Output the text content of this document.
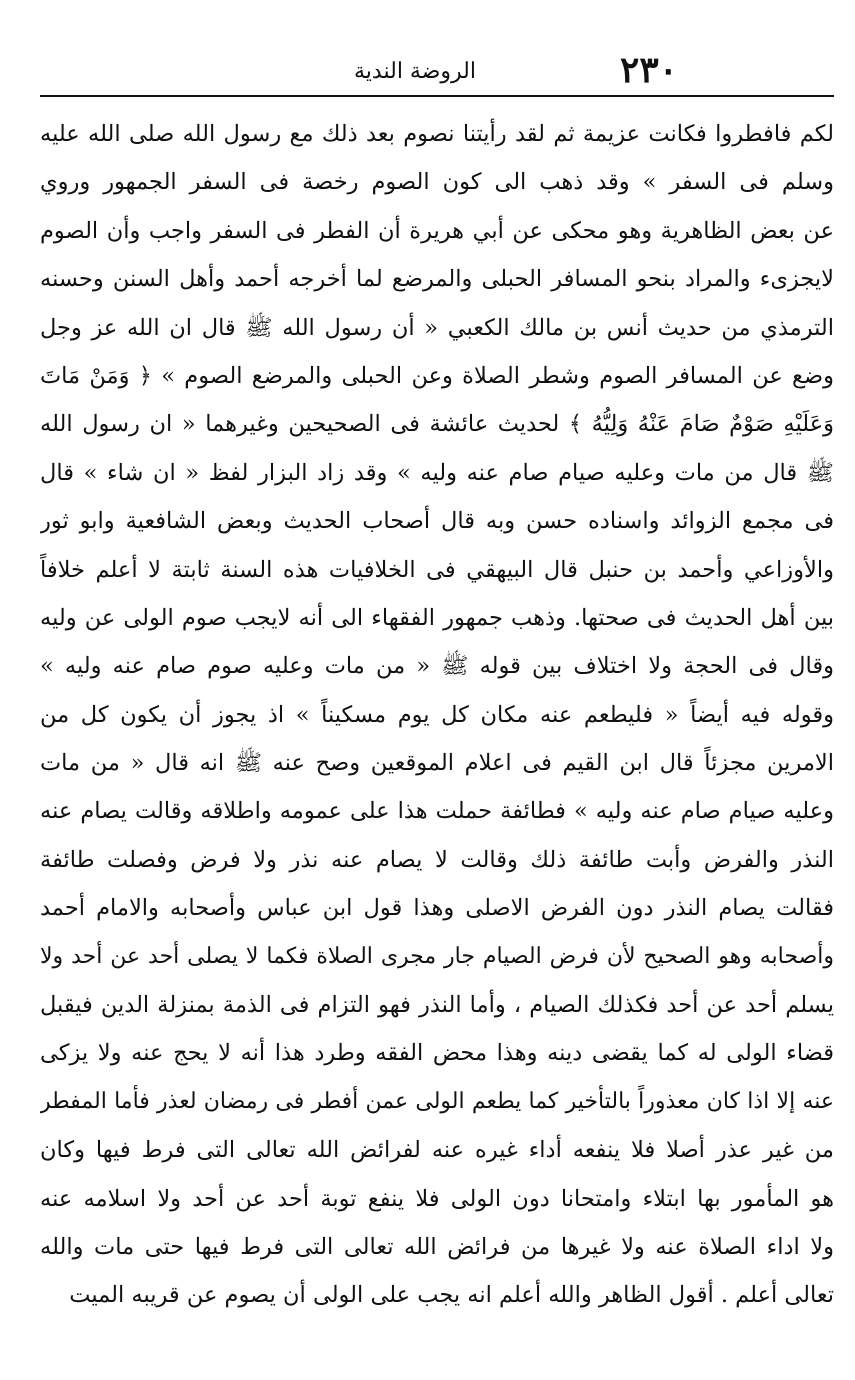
٢٣٠
الروضة الندية
لكم فافطروا فكانت عزيمة ثم لقد رأيتنا نصوم بعد ذلك مع رسول الله صلى الله عليه
وسلم فى السفر » وقد ذهب الى كون الصوم رخصة فى السفر الجمهور وروي
عن بعض الظاهرية وهو محكى عن أبي هريرة أن الفطر فى السفر واجب وأن الصوم
لايجزىء والمراد بنحو المسافر الحبلى والمرضع لما أخرجه أحمد وأهل السنن وحسنه
الترمذي من حديث أنس بن مالك الكعبي « أن رسول الله ﷺ قال ان الله عز وجل
وضع عن المسافر الصوم وشطر الصلاة وعن الحبلى والمرضع الصوم » ﴿ وَمَنْ مَاتَ
وَعَلَيْهِ صَوْمٌ صَامَ عَنْهُ وَلِيُّهُ ﴾ لحديث عائشة فى الصحيحين وغيرهما « ان رسول الله
ﷺ قال من مات وعليه صيام صام عنه وليه » وقد زاد البزار لفظ « ان شاء » قال
فى مجمع الزوائد واسناده حسن وبه قال أصحاب الحديث وبعض الشافعية وابو ثور
والأوزاعي وأحمد بن حنبل قال البيهقي فى الخلافيات هذه السنة ثابتة لا أعلم خلافاً
بين أهل الحديث فى صحتها. وذهب جمهور الفقهاء الى أنه لايجب صوم الولى عن وليه
وقال فى الحجة ولا اختلاف بين قوله ﷺ « من مات وعليه صوم صام عنه وليه »
وقوله فيه أيضاً « فليطعم عنه مكان كل يوم مسكيناً » اذ يجوز أن يكون كل من
الامرين مجزئاً قال ابن القيم فى اعلام الموقعين وصح عنه ﷺ انه قال « من مات
وعليه صيام صام عنه وليه » فطائفة حملت هذا على عمومه واطلاقه وقالت يصام عنه
النذر والفرض وأبت طائفة ذلك وقالت لا يصام عنه نذر ولا فرض وفصلت طائفة
فقالت يصام النذر دون الفرض الاصلى وهذا قول ابن عباس وأصحابه والامام أحمد
وأصحابه وهو الصحيح لأن فرض الصيام جار مجرى الصلاة فكما لا يصلى أحد عن أحد ولا
يسلم أحد عن أحد فكذلك الصيام ، وأما النذر فهو التزام فى الذمة بمنزلة الدين فيقبل
قضاء الولى له كما يقضى دينه وهذا محض الفقه وطرد هذا أنه لا يحج عنه ولا يزكى
عنه إلا اذا كان معذوراً بالتأخير كما يطعم الولى عمن أفطر فى رمضان لعذر فأما المفطر
من غير عذر أصلا فلا ينفعه أداء غيره عنه لفرائض الله تعالى التى فرط فيها وكان
هو المأمور بها ابتلاء وامتحانا دون الولى فلا ينفع توبة أحد عن أحد ولا اسلامه عنه
ولا اداء الصلاة عنه ولا غيرها من فرائض الله تعالى التى فرط فيها حتى مات والله
تعالى أعلم . أقول الظاهر والله أعلم انه يجب على الولى أن يصوم عن قريبه الميت
